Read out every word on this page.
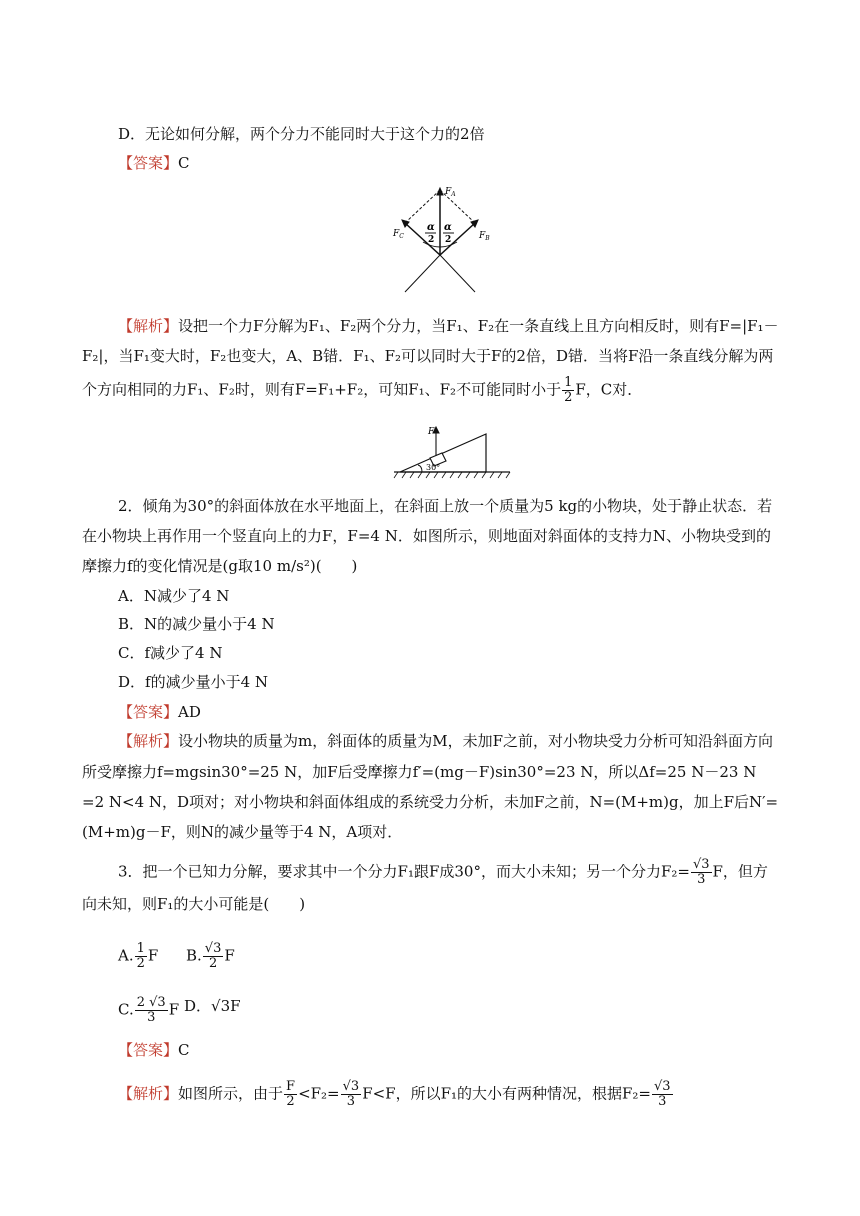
D．无论如何分解，两个分力不能同时大于这个力的2倍
【答案】C
$F_A$
$F_B$
$F_C$
α
2
α
2
【解析】设把一个力F分解为F₁、F₂两个分力，当F₁、F₂在一条直线上且方向相反时，则有F=|F₁－
F₂|，当F₁变大时，F₂也变大，A、B错．F₁、F₂可以同时大于F的2倍，D错．当将F沿一条直线分解为两
个方向相同的力F₁、F₂时，则有F=F₁+F₂，可知F₁、F₂不可能同时小于 $\frac{1}{2}$ F，C对．
F
30°
2．倾角为30°的斜面体放在水平地面上，在斜面上放一个质量为5 kg的小物块，处于静止状态．若
在小物块上再作用一个竖直向上的力F，F=4 N．如图所示，则地面对斜面体的支持力N、小物块受到的
摩擦力f的变化情况是(g取10 m/s²)(　　)
A．N减少了4 N
B．N的减少量小于4 N
C．f减少了4 N
D．f的减少量小于4 N
【答案】AD
【解析】设小物块的质量为m，斜面体的质量为M，未加F之前，对小物块受力分析可知沿斜面方向
所受摩擦力f=mgsin30°=25 N，加F后受摩擦力f′=(mg－F)sin30°=23 N，所以Δf=25 N－23 N
=2 N<4 N，D项对；对小物块和斜面体组成的系统受力分析，未加F之前，N=(M+m)g，加上F后N′=
(M+m)g－F，则N的减少量等于4 N，A项对．
3．把一个已知力分解，要求其中一个分力F₁跟F成30°，而大小未知；另一个分力$F_2= \frac{√3}{3}$ F，但方
向未知，则F₁的大小可能是(　　)
A. $\frac{1}{2}$ F B. $\frac{√3}{2}$ F
C. $\frac{2 √3}{3}$ F D．√3F
【答案】C
【解析】如图所示，由于 $\frac{F}{2} <F_2= \frac{√3}{3} F<F$，所以F₁的大小有两种情况，根据$F_2= \frac{√3}{3}$
